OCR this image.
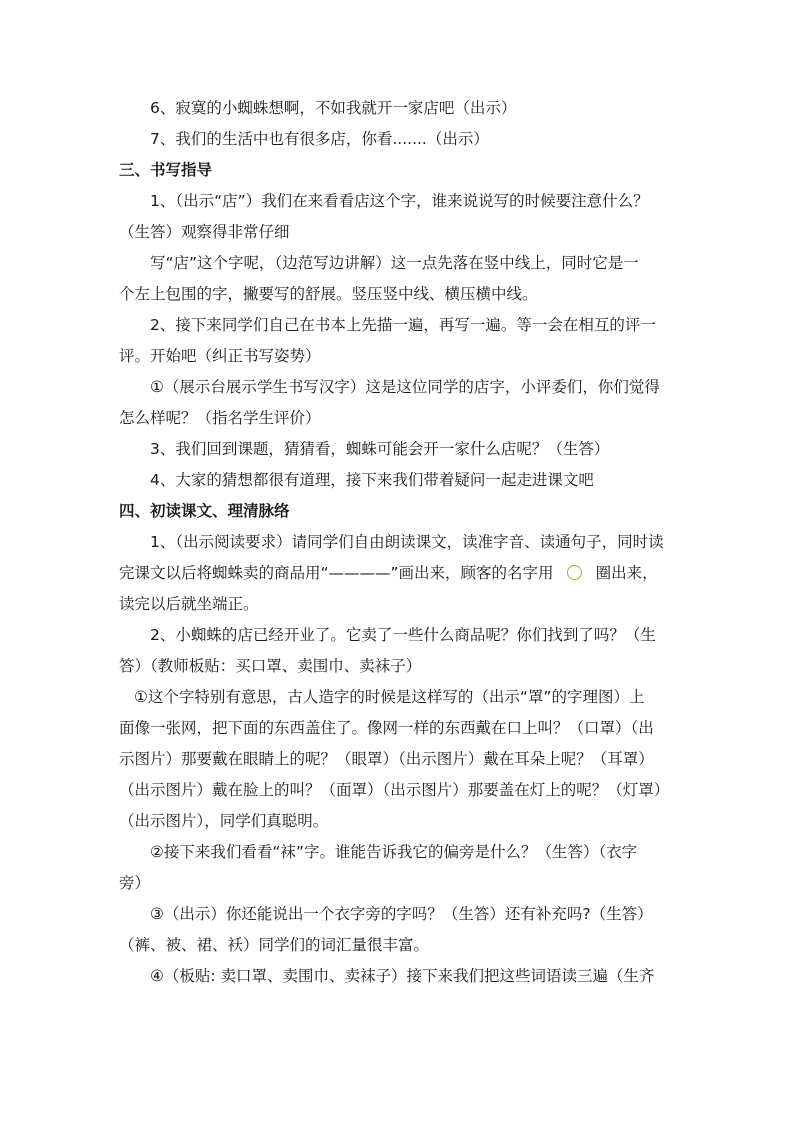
6、寂寞的小蜘蛛想啊，不如我就开一家店吧（出示）
7、我们的生活中也有很多店，你看.......（出示）
三、书写指导
1、（出示“店”）我们在来看看店这个字，谁来说说写的时候要注意什么？
（生答）观察得非常仔细
写“店”这个字呢，（边范写边讲解）这一点先落在竖中线上，同时它是一
个左上包围的字，撇要写的舒展。竖压竖中线、横压横中线。
2、接下来同学们自己在书本上先描一遍，再写一遍。等一会在相互的评一
评。开始吧（纠正书写姿势）
①（展示台展示学生书写汉字）这是这位同学的店字，小评委们，你们觉得
怎么样呢？（指名学生评价）
3、我们回到课题，猜猜看，蜘蛛可能会开一家什么店呢？（生答）
4、大家的猜想都很有道理，接下来我们带着疑问一起走进课文吧
四、初读课文、理清脉络
1、（出示阅读要求）请同学们自由朗读课文，读准字音、读通句子，同时读
完课文以后将蜘蛛卖的商品用“————”画出来，顾客的名字用	圈出来，
读完以后就坐端正。
2、小蜘蛛的店已经开业了。它卖了一些什么商品呢？你们找到了吗？（生
答）（教师板贴：买口罩、卖围巾、卖袜子）
①这个字特别有意思，古人造字的时候是这样写的（出示“罩”的字理图）上
面像一张网，把下面的东西盖住了。像网一样的东西戴在口上叫？（口罩）（出
示图片）那要戴在眼睛上的呢？（眼罩）（出示图片）戴在耳朵上呢？（耳罩）
（出示图片）戴在脸上的叫？（面罩）（出示图片）那要盖在灯上的呢？（灯罩）
（出示图片），同学们真聪明。
②接下来我们看看“袜”字。谁能告诉我它的偏旁是什么？（生答）（衣字
旁）
③（出示）你还能说出一个衣字旁的字吗？（生答）还有补充吗?（生答）
（裤、被、裙、袄）同学们的词汇量很丰富。
④（板贴: 卖口罩、卖围巾、卖袜子）接下来我们把这些词语读三遍（生齐
